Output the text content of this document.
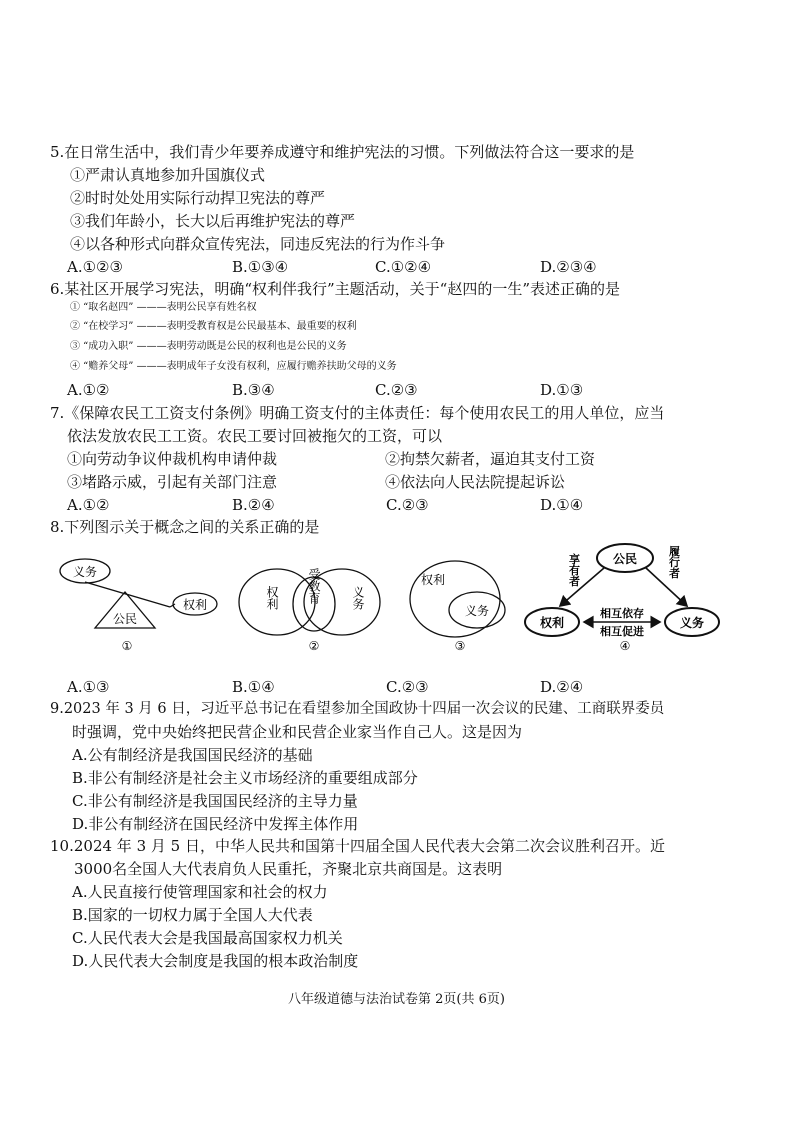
5.在日常生活中，我们青少年要养成遵守和维护宪法的习惯。下列做法符合这一要求的是
①严肃认真地参加升国旗仪式
②时时处处用实际行动捍卫宪法的尊严
③我们年龄小，长大以后再维护宪法的尊严
④以各种形式向群众宣传宪法，同违反宪法的行为作斗争
A.①②③	B.①③④	C.①②④	D.②③④
6.某社区开展学习宪法，明确“权利伴我行”主题活动，关于“赵四的一生”表述正确的是
① “取名赵四” ———表明公民享有姓名权
② “在校学习” ———表明受教育权是公民最基本、最重要的权利
③ “成功入职” ———表明劳动既是公民的权利也是公民的义务
④ “赡养父母” ———表明成年子女没有权利，应履行赡养扶助父母的义务
A.①②	B.③④	C.②③	D.①③
7.《保障农民工工资支付条例》明确工资支付的主体责任：每个使用农民工的用人单位，应当
依法发放农民工工资。农民工要讨回被拖欠的工资，可以
①向劳动争议仲裁机构申请仲裁	②拘禁欠薪者，逼迫其支付工资
③堵路示威，引起有关部门注意	④依法向人民法院提起诉讼
A.①②	B.②④	C.②③	D.①④
8.下列图示关于概念之间的关系正确的是
义务
权利
公民
①
权利 受教育	义务
②
权利
义务
③
公民
享有者	履行者
权利	义务
相互依存
相互促进
④
A.①③	B.①④	C.②③	D.②④
9.2023 年 3 月 6 日，习近平总书记在看望参加全国政协十四届一次会议的民建、工商联界委员
时强调，党中央始终把民营企业和民营企业家当作自己人。这是因为
A.公有制经济是我国国民经济的基础
B.非公有制经济是社会主义市场经济的重要组成部分
C.非公有制经济是我国国民经济的主导力量
D.非公有制经济在国民经济中发挥主体作用
10.2024 年 3 月 5 日，中华人民共和国第十四届全国人民代表大会第二次会议胜利召开。近
3000名全国人大代表肩负人民重托，齐聚北京共商国是。这表明
A.人民直接行使管理国家和社会的权力
B.国家的一切权力属于全国人大代表
C.人民代表大会是我国最高国家权力机关
D.人民代表大会制度是我国的根本政治制度
八年级道德与法治试卷第 2页(共 6页)
